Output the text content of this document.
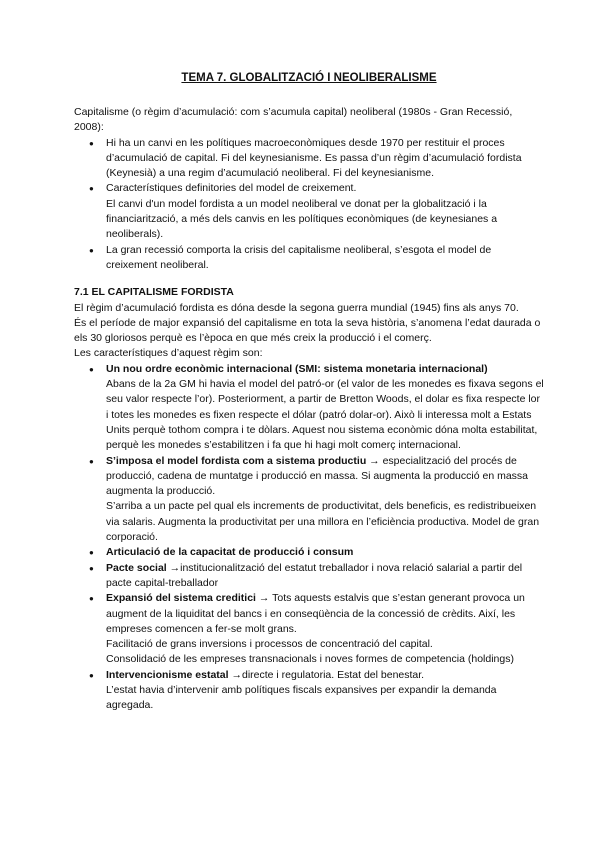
TEMA 7. GLOBALITZACIÓ I NEOLIBERALISME

Capitalisme (o règim d’acumulació: com s’acumula capital) neoliberal (1980s - Gran Recessió, 2008):

● Hi ha un canvi en les polítiques macroeconòmiques desde 1970 per restituir el proces d’acumulació de capital. Fi del keynesianisme. Es passa d’un règim d’acumulació fordista (Keynesià) a una regim d’acumulació neoliberal. Fi del keynesianisme.
● Característiques definitories del model de creixement.
El canvi d'un model fordista a un model neoliberal ve donat per la globalització i la financiarització, a més dels canvis en les polítiques econòmiques (de keynesianes a neoliberals).
● La gran recessió comporta la crisis del capitalisme neoliberal, s’esgota el model de creixement neoliberal.
7.1 EL CAPITALISME FORDISTA

El règim d’acumulació fordista es dóna desde la segona guerra mundial (1945) fins als anys 70.

És el període de major expansió del capitalisme en tota la seva història, s’anomena l’edat daurada o els 30 gloriosos perquè es l’època en que més creix la producció i el comerç.

Les característiques d’aquest règim son:

● Un nou ordre econòmic internacional (SMI: sistema monetaria internacional)
Abans de la 2a GM hi havia el model del patró-or (el valor de les monedes es fixava segons el seu valor respecte l’or). Posteriorment, a partir de Bretton Woods, el dolar es fixa respecte lor i totes les monedes es fixen respecte el dólar (patró dolar-or). Això li interessa molt a Estats Units perquè tothom compra i te dòlars. Aquest nou sistema econòmic dóna molta estabilitat, perquè les monedes s’estabilitzen i fa que hi hagi molt comerç internacional.
● S’imposa el model fordista com a sistema productiu → especialització del procés de producció, cadena de muntatge i producció en massa. Si augmenta la producció en massa augmenta la producció.
S’arriba a un pacte pel qual els increments de productivitat, dels beneficis, es redistribueixen via salaris. Augmenta la productivitat per una millora en l’eficiència productiva. Model de gran corporació.
● Articulació de la capacitat de producció i consum
● Pacte social →institucionalització del estatut treballador i nova relació salarial a partir del pacte capital-treballador
● Expansió del sistema creditici → Tots aquests estalvis que s’estan generant provoca un augment de la liquiditat del bancs i en conseqüència de la concessió de crèdits. Així, les empreses comencen a fer-se molt grans.
Facilitació de grans inversions i processos de concentració del capital.
Consolidació de les empreses transnacionals i noves formes de competencia (holdings)
● Intervencionisme estatal →directe i regulatoria. Estat del benestar.
L’estat havia d’intervenir amb polítiques fiscals expansives per expandir la demanda agregada.
